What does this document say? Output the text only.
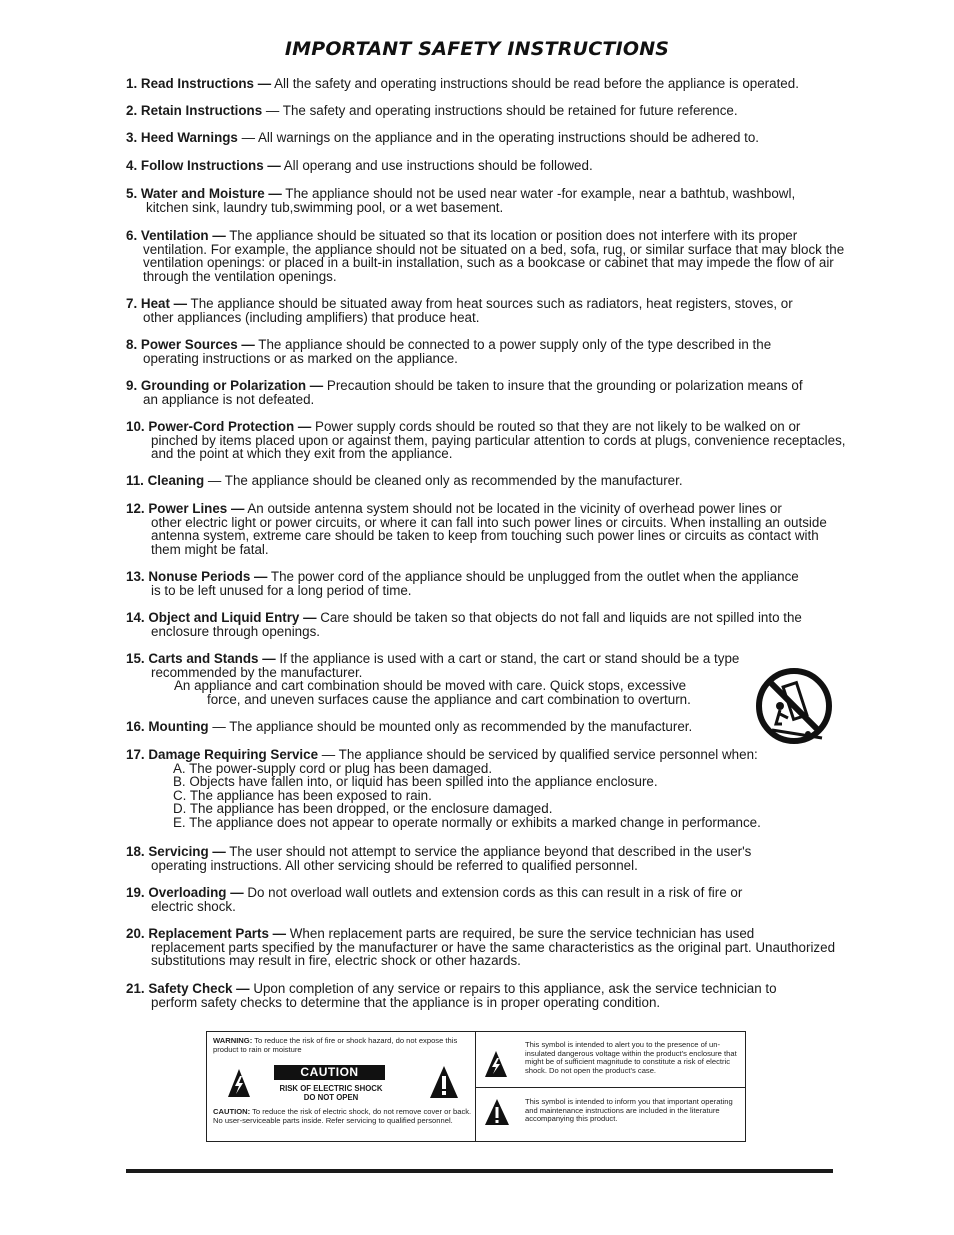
IMPORTANT SAFETY INSTRUCTIONS
1. Read Instructions — All the safety and operating instructions should be read before the appliance is operated.
2. Retain Instructions — The safety and operating instructions should be retained for future reference.
3. Heed Warnings — All warnings on the appliance and in the operating instructions should be adhered to.
4. Follow Instructions — All operang and use instructions should be followed.
5. Water and Moisture — The appliance should not be used near water -for example, near a bathtub, washbowl,
kitchen sink, laundry tub,swimming pool, or a wet basement.
6. Ventilation — The appliance should be situated so that its location or position does not interfere with its proper
ventilation. For example, the appliance should not be situated on a bed, sofa, rug, or similar surface that may block the ventilation openings: or placed in a built-in installation, such as a bookcase or cabinet that may impede the flow of air through the ventilation openings.
7. Heat — The appliance should be situated away from heat sources such as radiators, heat registers, stoves, or
other appliances (including amplifiers) that produce heat.
8. Power Sources — The appliance should be connected to a power supply only of the type described in the
operating instructions or as marked on the appliance.
9. Grounding or Polarization — Precaution should be taken to insure that the grounding or polarization means of
an appliance is not defeated.
10. Power-Cord Protection — Power supply cords should be routed so that they are not likely to be walked on or
pinched by items placed upon or against them, paying particular attention to cords at plugs, convenience receptacles, and the point at which they exit from the appliance.
11. Cleaning — The appliance should be cleaned only as recommended by the manufacturer.
12. Power Lines — An outside antenna system should not be located in the vicinity of overhead power lines or
other electric light or power circuits, or where it can fall into such power lines or circuits. When installing an outside antenna system, extreme care should be taken to keep from touching such power lines or circuits as contact with them might be fatal.
13. Nonuse Periods — The power cord of the appliance should be unplugged from the outlet when the appliance
is to be left unused for a long period of time.
14. Object and Liquid Entry — Care should be taken so that objects do not fall and liquids are not spilled into the
enclosure through openings.
15. Carts and Stands — If the appliance is used with a cart or stand, the cart or stand should be a type
recommended by the manufacturer.
An appliance and cart combination should be moved with care. Quick stops, excessive
force, and uneven surfaces cause the appliance and cart combination to overturn.
16. Mounting — The appliance should be mounted only as recommended by the manufacturer.
17. Damage Requiring Service — The appliance should be serviced by qualified service personnel when:
A. The power-supply cord or plug has been damaged.
B. Objects have fallen into, or liquid has been spilled into the appliance enclosure.
C. The appliance has been exposed to rain.
D. The appliance has been dropped, or the enclosure damaged.
E. The appliance does not appear to operate normally or exhibits a marked change in performance.
18. Servicing — The user should not attempt to service the appliance beyond that described in the user's
operating instructions. All other servicing should be referred to qualified personnel.
19. Overloading — Do not overload wall outlets and extension cords as this can result in a risk of fire or
electric shock.
20. Replacement Parts — When replacement parts are required, be sure the service technician has used
replacement parts specified by the manufacturer or have the same characteristics as the original part. Unauthorized substitutions may result in fire, electric shock or other hazards.
21. Safety Check — Upon completion of any service or repairs to this appliance, ask the service technician to
perform safety checks to determine that the appliance is in proper operating condition.
WARNING: To reduce the risk of fire or shock hazard, do not expose this product to rain or moisture
CAUTION
RISK OF ELECTRIC SHOCK
DO NOT OPEN
CAUTION: To reduce the risk of electric shock, do not remove cover or back. No user-serviceable parts inside. Refer servicing to qualified personnel.
This symbol is intended to alert you to the presence of un-insulated dangerous voltage within the product's enclosure that might be of sufficient magnitude to constitute a risk of electric shock. Do not open the product's case.
This symbol is intended to inform you that important operating and maintenance instructions are included in the literature accompanying this product.
